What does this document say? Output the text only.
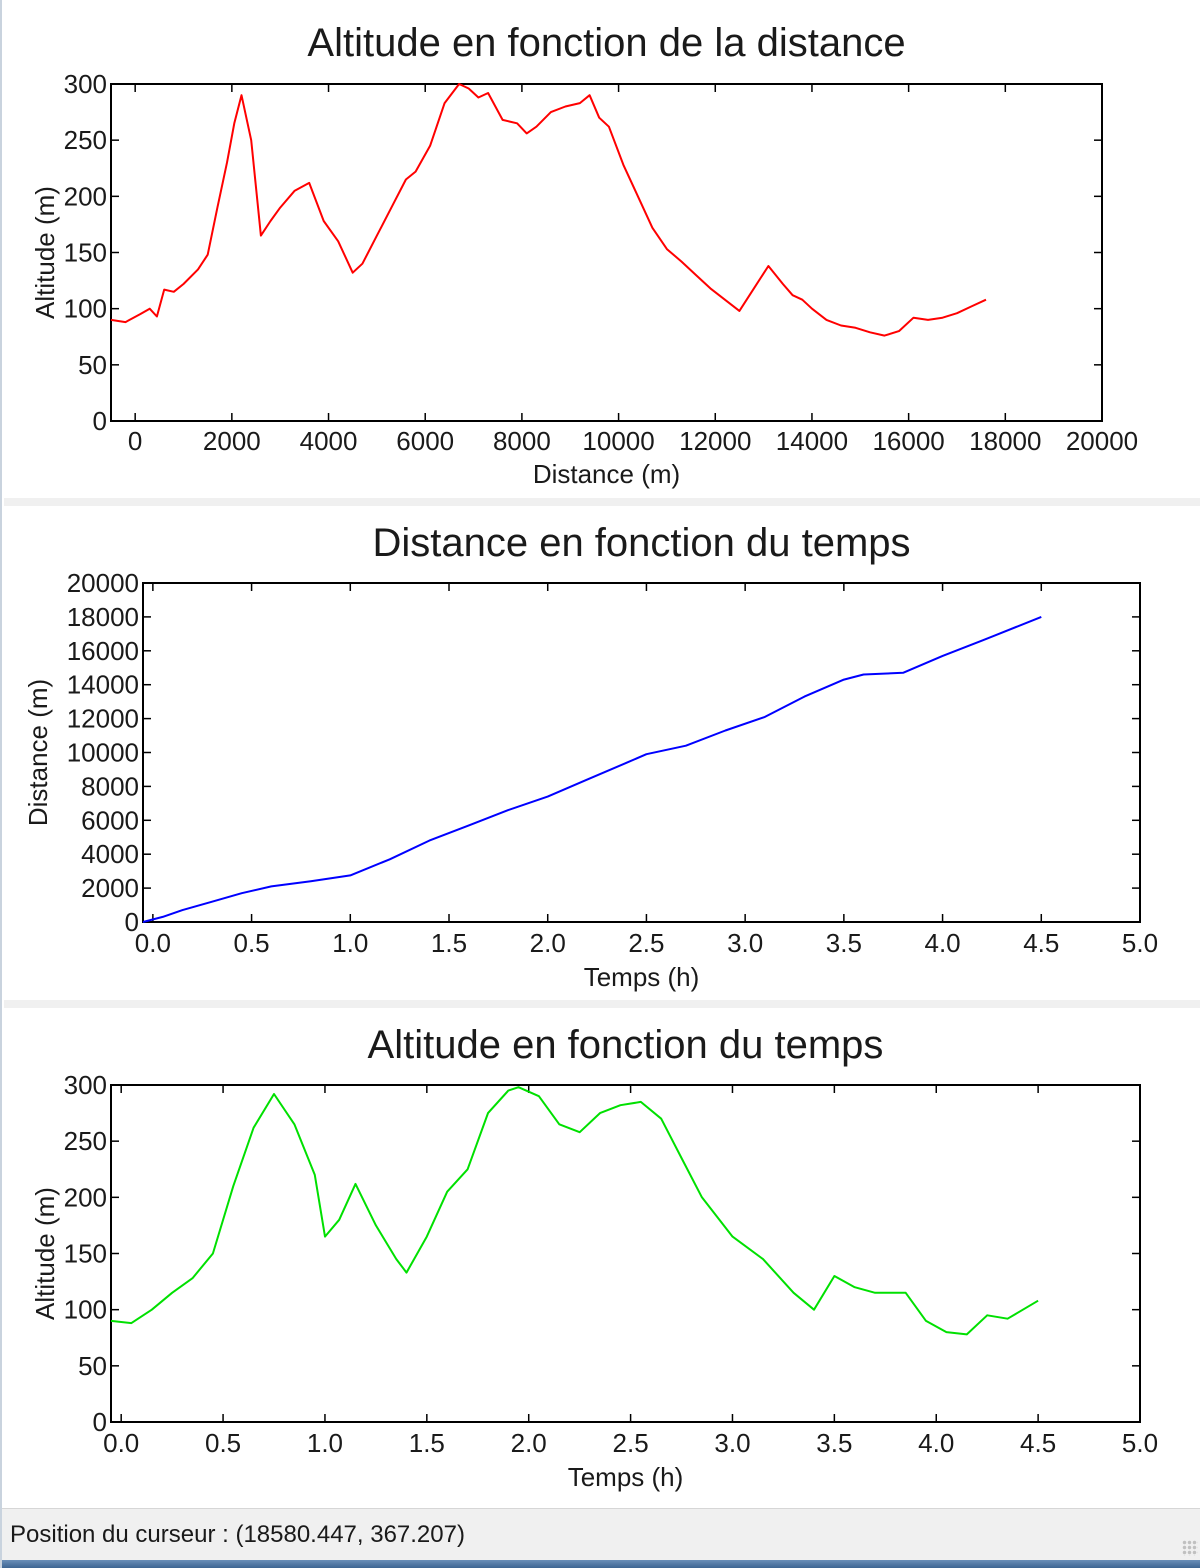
Altitude en fonction de la distance
0 2000 4000 6000 8000 10000 12000 14000 16000 18000 20000
0
50
100
150
200
250
300
Distance (m)
Altitude (m)
Distance en fonction du temps
0.0 0.5 1.0 1.5 2.0 2.5 3.0 3.5 4.0 4.5 5.0
0
2000
4000
6000
8000
10000
12000
14000
16000
18000
20000
Temps (h)
Distance (m)
Altitude en fonction du temps
0.0	0.5	1.0	1.5	2.0	2.5	3.0	3.5	4.0	4.5	5.0
0
50
100
150
200
250
300
Temps (h)
Altitude (m)
Position du curseur : (18580.447, 367.207)
